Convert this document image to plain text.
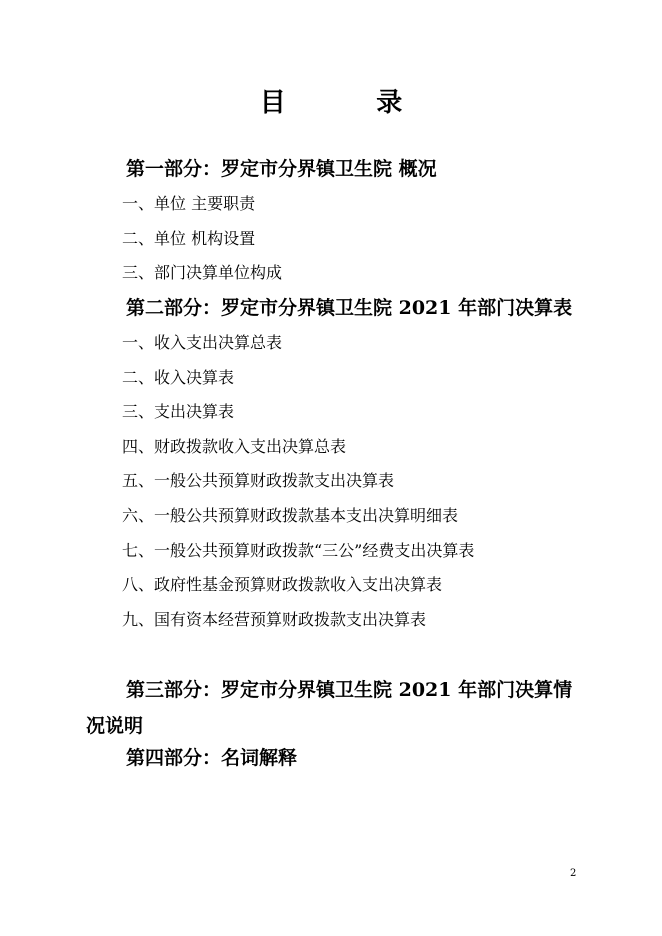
目          录
第一部分：罗定市分界镇卫生院 概况
一、单位 主要职责
二、单位 机构设置
三、部门决算单位构成
第二部分：罗定市分界镇卫生院 2021 年部门决算表
一、收入支出决算总表
二、收入决算表
三、支出决算表
四、财政拨款收入支出决算总表
五、一般公共预算财政拨款支出决算表
六、一般公共预算财政拨款基本支出决算明细表
七、一般公共预算财政拨款“三公”经费支出决算表
八、政府性基金预算财政拨款收入支出决算表
九、国有资本经营预算财政拨款支出决算表
第三部分：罗定市分界镇卫生院 2021 年部门决算情况说明
第四部分：名词解释
2
